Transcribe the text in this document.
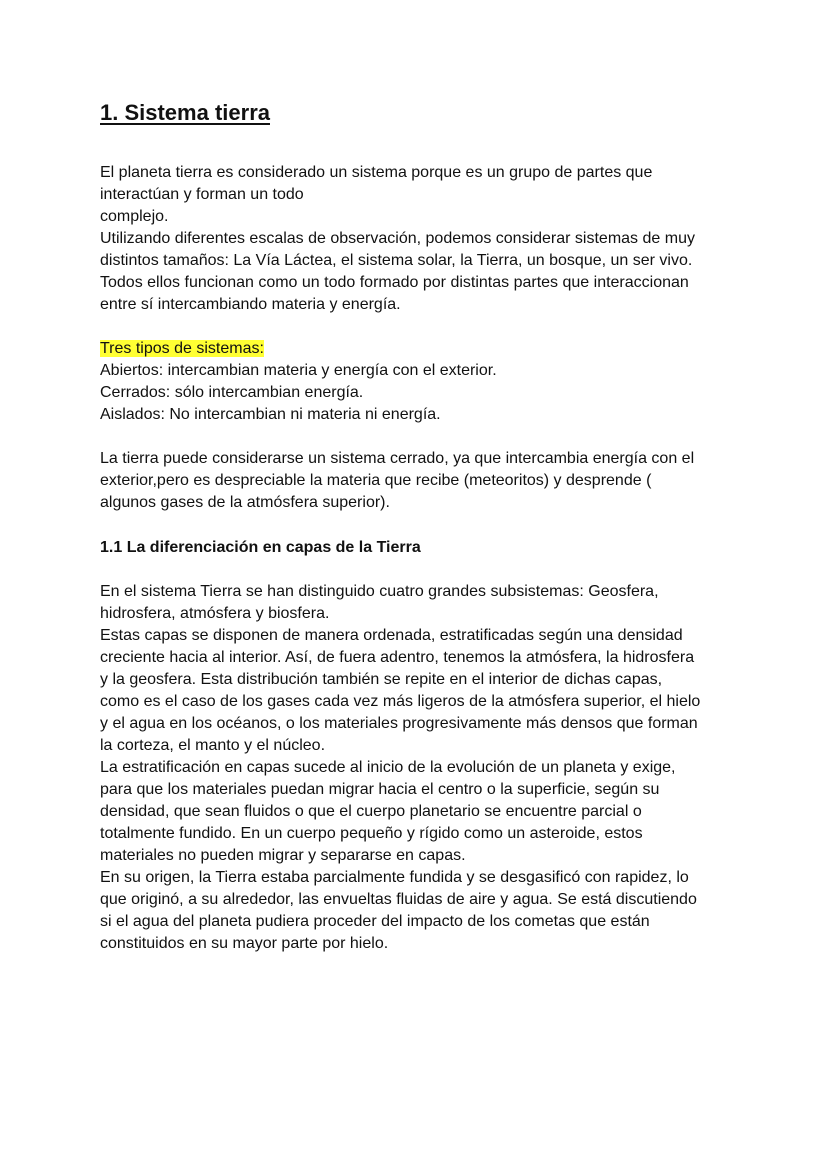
1. Sistema tierra
El planeta tierra es considerado un sistema porque es un grupo de partes que
interactúan y forman un todo
complejo.
Utilizando diferentes escalas de observación, podemos considerar sistemas de muy
distintos tamaños: La Vía Láctea, el sistema solar, la Tierra, un bosque, un ser vivo.
Todos ellos funcionan como un todo formado por distintas partes que interaccionan
entre sí intercambiando materia y energía.
Tres tipos de sistemas:
Abiertos: intercambian materia y energía con el exterior.
Cerrados: sólo intercambian energía.
Aislados: No intercambian ni materia ni energía.
La tierra puede considerarse un sistema cerrado, ya que intercambia energía con el
exterior,pero es despreciable la materia que recibe (meteoritos) y desprende (
algunos gases de la atmósfera superior).
1.1 La diferenciación en capas de la Tierra
En el sistema Tierra se han distinguido cuatro grandes subsistemas: Geosfera,
hidrosfera, atmósfera y biosfera.
Estas capas se disponen de manera ordenada, estratificadas según una densidad
creciente hacia al interior. Así, de fuera adentro, tenemos la atmósfera, la hidrosfera
y la geosfera. Esta distribución también se repite en el interior de dichas capas,
como es el caso de los gases cada vez más ligeros de la atmósfera superior, el hielo
y el agua en los océanos, o los materiales progresivamente más densos que forman
la corteza, el manto y el núcleo.
La estratificación en capas sucede al inicio de la evolución de un planeta y exige,
para que los materiales puedan migrar hacia el centro o la superficie, según su
densidad, que sean fluidos o que el cuerpo planetario se encuentre parcial o
totalmente fundido. En un cuerpo pequeño y rígido como un asteroide, estos
materiales no pueden migrar y separarse en capas.
En su origen, la Tierra estaba parcialmente fundida y se desgasificó con rapidez, lo
que originó, a su alrededor, las envueltas fluidas de aire y agua. Se está discutiendo
si el agua del planeta pudiera proceder del impacto de los cometas que están
constituidos en su mayor parte por hielo.
